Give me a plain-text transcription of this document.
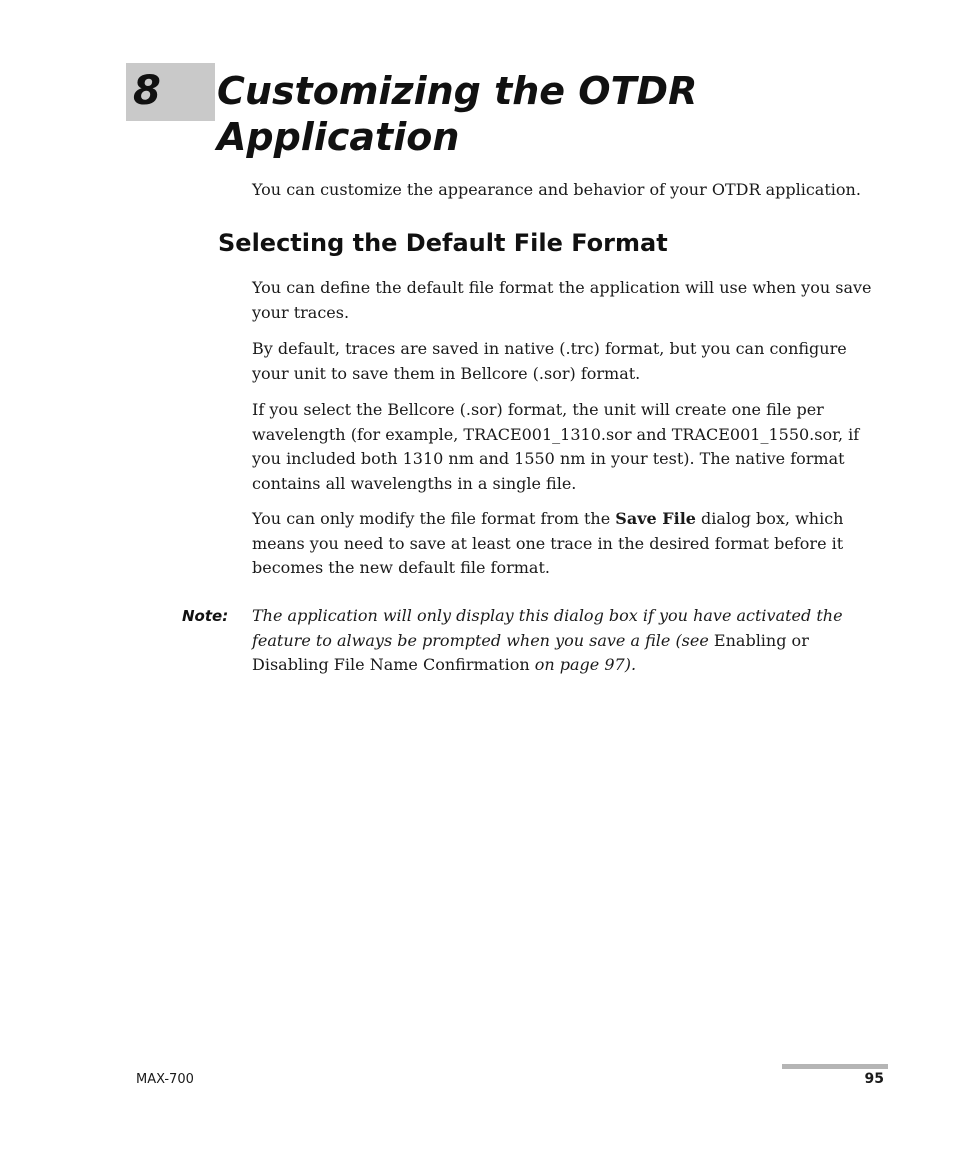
8 Customizing the OTDR Application

You can customize the appearance and behavior of your OTDR application.

Selecting the Default File Format

You can define the default file format the application will use when you save your traces.

By default, traces are saved in native (.trc) format, but you can configure your unit to save them in Bellcore (.sor) format.

If you select the Bellcore (.sor) format, the unit will create one file per wavelength (for example, TRACE001_1310.sor and TRACE001_1550.sor, if you included both 1310 nm and 1550 nm in your test). The native format contains all wavelengths in a single file.

You can only modify the file format from the Save File dialog box, which means you need to save at least one trace in the desired format before it becomes the new default file format.

Note: The application will only display this dialog box if you have activated the feature to always be prompted when you save a file (see Enabling or Disabling File Name Confirmation on page 97).

MAX-700	95
